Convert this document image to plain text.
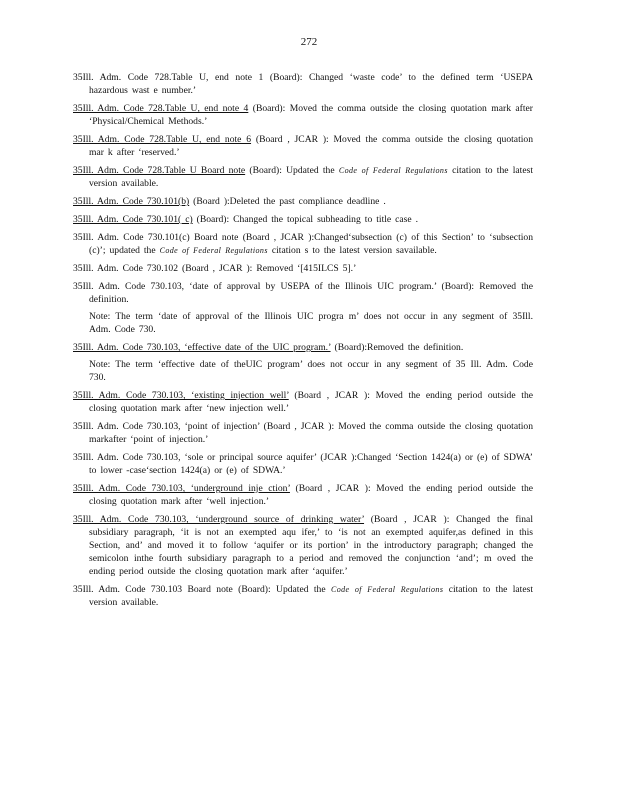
272

35Ill. Adm. Code 728.Table U, end note 1 (Board): Changed ‘waste code’ to the defined term ‘USEPA hazardous wast e number.’

35Ill. Adm. Code 728.Table U, end note 4 (Board): Moved the comma outside the closing quotation mark after ‘Physical/Chemical Methods.’

35Ill. Adm. Code 728.Table U, end note 6 (Board , JCAR ): Moved the comma outside the closing quotation mar k after ‘reserved.’

35Ill. Adm. Code 728.Table U Board note (Board): Updated the Code of Federal Regulations citation to the latest version available.

35Ill. Adm. Code 730.101(b) (Board ):Deleted the past compliance deadline .

35Ill. Adm. Code 730.101( c) (Board): Changed the topical subheading to title case .

35Ill. Adm. Code 730.101(c) Board note (Board , JCAR ):Changed‘subsection (c) of this Section’ to ‘subsection (c)’; updated the Code of Federal Regulations citation s to the latest version savailable.

35Ill. Adm. Code 730.102 (Board , JCAR ): Removed ‘[415ILCS 5].’

35Ill. Adm. Code 730.103, ‘date of approval by USEPA of the Illinois UIC program.’ (Board): Removed the definition.

Note: The term ‘date of approval of the Illinois UIC progra m’ does not occur in any segment of 35Ill. Adm. Code 730.

35Ill. Adm. Code 730.103, ‘effective date of the UIC program.’ (Board):Removed the definition.

Note: The term ‘effective date of theUIC program’ does not occur in any segment of 35 Ill. Adm. Code 730.

35Ill. Adm. Code 730.103, ‘existing injection well’ (Board , JCAR ): Moved the ending period outside the closing quotation mark after ‘new injection well.’

35Ill. Adm. Code 730.103, ‘point of injection’ (Board , JCAR ): Moved the comma outside the closing quotation markafter ‘point of injection.’

35Ill. Adm. Code 730.103, ‘sole or principal source aquifer’ (JCAR ):Changed ‘Section 1424(a) or (e) of SDWA’ to lower -case‘section 1424(a) or (e) of SDWA.’

35Ill. Adm. Code 730.103, ‘underground inje ction’ (Board , JCAR ): Moved the ending period outside the closing quotation mark after ‘well injection.’

35Ill. Adm. Code 730.103, ‘underground source of drinking water’ (Board , JCAR ): Changed the final subsidiary paragraph, ‘it is not an exempted aqu ifer,’ to ‘is not an exempted aquifer,as defined in this Section, and’ and moved it to follow ‘aquifer or its portion’ in the introductory paragraph; changed the semicolon inthe fourth subsidiary paragraph to a period and removed the conjunction ‘and’; m oved the ending period outside the closing quotation mark after ‘aquifer.’

35Ill. Adm. Code 730.103 Board note (Board): Updated the Code of Federal Regulations citation to the latest version available.
